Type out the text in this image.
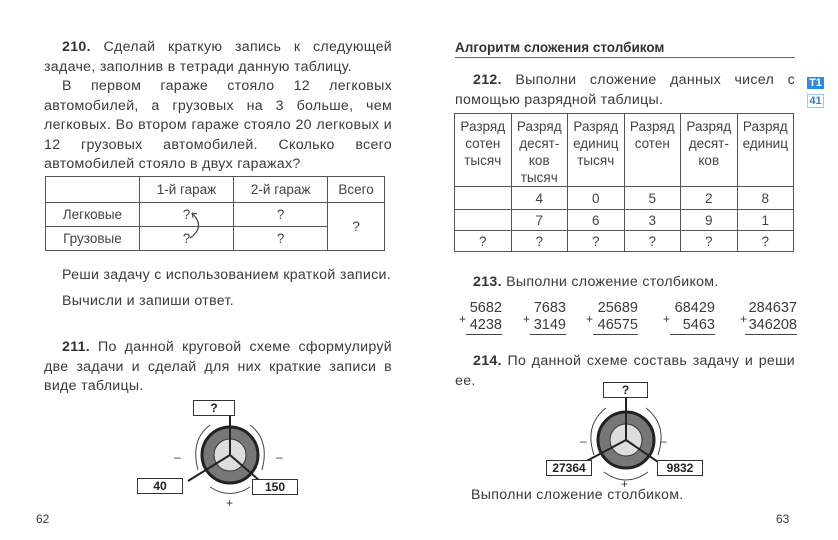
210. Сделай краткую запись к следующей задаче, заполнив в тетради данную таблицу.
В первом гараже стояло 12 легковых автомобилей, а грузовых на 3 больше, чем легковых. Во втором гараже стояло 20 легковых и 12 грузовых автомобилей. Сколько всего автомобилей стояло в двух гаражах?
	1-й гараж	2-й гараж	Всего
Легковые	?	?	?
Грузовые	?	?	
Реши задачу с использованием краткой записи.
Вычисли и запиши ответ.
211. По данной круговой схеме сформулируй две задачи и сделай для них краткие записи в виде таблицы.
–	–
+
?
40	150
62
Алгоритм сложения столбиком
Т1
41
212. Выполни сложение данных чисел с помощью разрядной таблицы.
Разряд сотен тысяч	Разряд десят-ков тысяч	Разряд единиц тысяч	Разряд сотен	Разряд десят-ков	Разряд единиц
	4	0	5	2	8
	7	6	3	9	1
?	?	?	?	?	?
213. Выполни сложение столбиком.
+
5682
4238 +
7683
3149 +
25689
46575 +
68429
5463 +
284637
346208
214. По данной схеме составь задачу и реши ее.
–	–
+
?
27364	9832
Выполни сложение столбиком.
63
